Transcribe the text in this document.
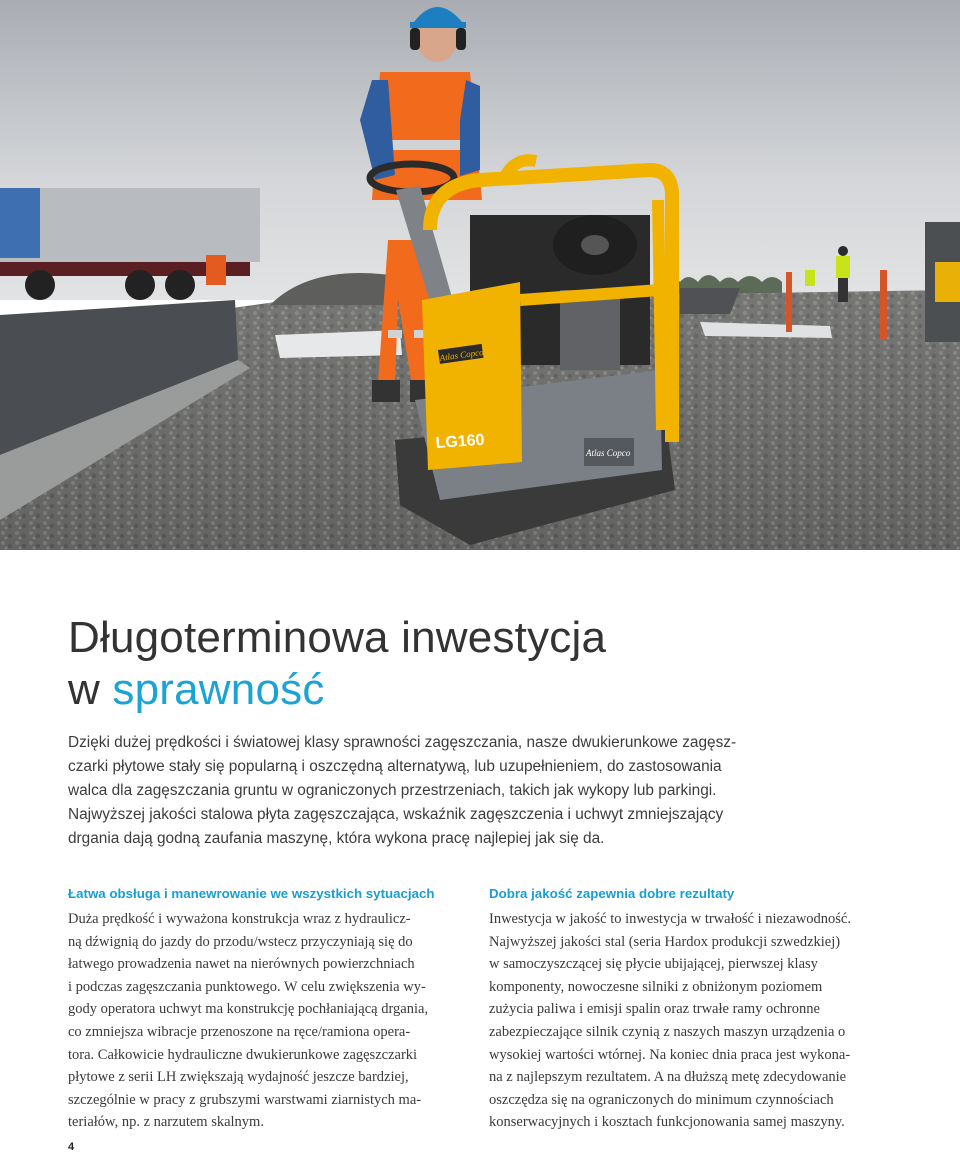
LG160
Atlas Copco
Atlas Copco
Długoterminowa inwestycja
w sprawność

Dzięki dużej prędkości i światowej klasy sprawności zagęszczania, nasze dwukierunkowe zagęsz-
czarki płytowe stały się popularną i oszczędną alternatywą, lub uzupełnieniem, do zastosowania
walca dla zagęszczania gruntu w ograniczonych przestrzeniach, takich jak wykopy lub parkingi.
Najwyższej jakości stalowa płyta zagęszczająca, wskaźnik zagęszczenia i uchwyt zmniejszający
drgania dają godną zaufania maszynę, która wykona pracę najlepiej jak się da.

Łatwa obsługa i manewrowanie we wszystkich sytuacjach

Duża prędkość i wyważona konstrukcja wraz z hydraulicz-
ną dźwignią do jazdy do przodu/wstecz przyczyniają się do
łatwego prowadzenia nawet na nierównych powierzchniach
i podczas zagęszczania punktowego. W celu zwiększenia wy-
gody operatora uchwyt ma konstrukcję pochłaniającą drgania,
co zmniejsza wibracje przenoszone na ręce/ramiona opera-
tora. Całkowicie hydrauliczne dwukierunkowe zagęszczarki
płytowe z serii LH zwiększają wydajność jeszcze bardziej,
szczególnie w pracy z grubszymi warstwami ziarnistych ma-
teriałów, np. z narzutem skalnym.

Dobra jakość zapewnia dobre rezultaty

Inwestycja w jakość to inwestycja w trwałość i niezawodność.
Najwyższej jakości stal (seria Hardox produkcji szwedzkiej)
w samoczyszczącej się płycie ubijającej, pierwszej klasy
komponenty, nowoczesne silniki z obniżonym poziomem
zużycia paliwa i emisji spalin oraz trwałe ramy ochronne
zabezpieczające silnik czynią z naszych maszyn urządzenia o
wysokiej wartości wtórnej. Na koniec dnia praca jest wykona-
na z najlepszym rezultatem. A na dłuższą metę zdecydowanie
oszczędza się na ograniczonych do minimum czynnościach
konserwacyjnych i kosztach funkcjonowania samej maszyny.

4
